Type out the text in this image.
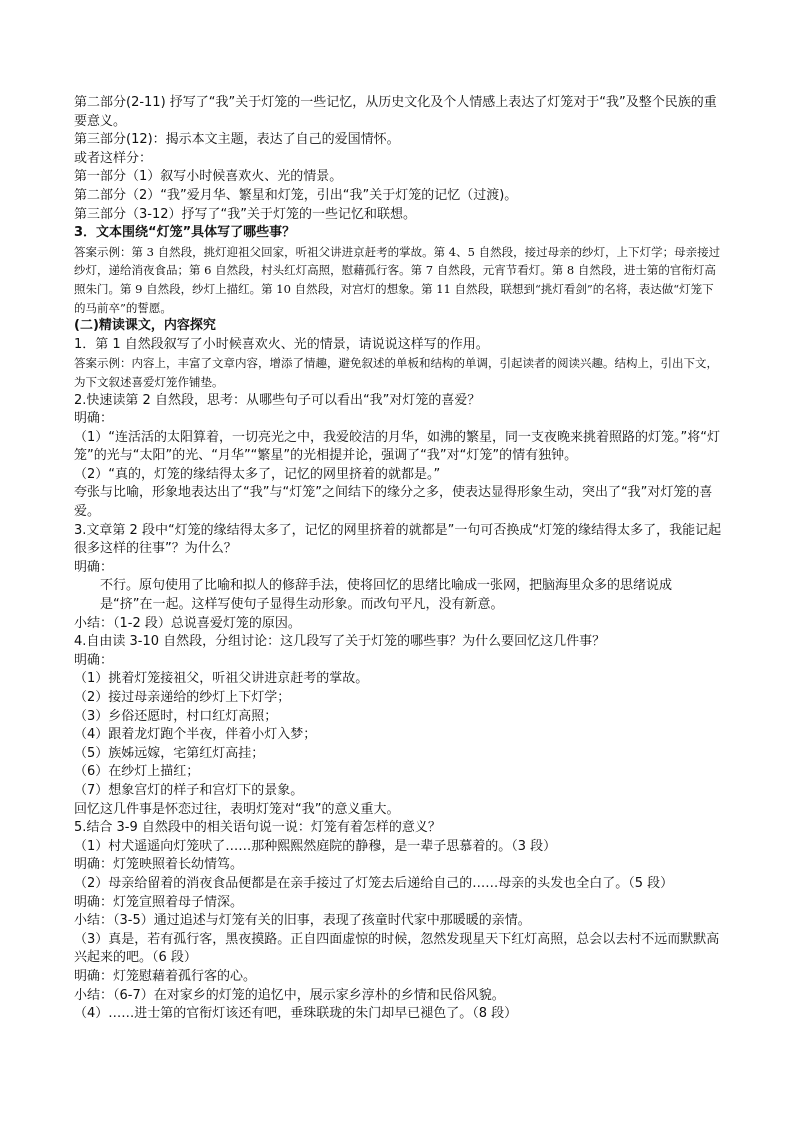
第二部分(2-11) 抒写了“我”关于灯笼的一些记忆，从历史文化及个人情感上表达了灯笼对于“我”及整个民族的重要意义。
第三部分(12)：揭示本文主题，表达了自己的爱国情怀。
或者这样分：
第一部分（1）叙写小时候喜欢火、光的情景。
第二部分（2）“我”爱月华、繁星和灯笼，引出“我”关于灯笼的记忆（过渡)。
第三部分（3-12）抒写了“我”关于灯笼的一些记忆和联想。
3．文本围绕“灯笼”具体写了哪些事？
答案示例：第 3 自然段，挑灯迎祖父回家，听祖父讲进京赶考的掌故。第 4、5 自然段，接过母亲的纱灯，上下灯学；母亲接过纱灯，递给消夜食品；第 6 自然段，村头红灯高照，慰藉孤行客。第 7 自然段，元宵节看灯。第 8 自然段，进士第的官衔灯高照朱门。第 9 自然段，纱灯上描红。第 10 自然段，对宫灯的想象。第 11 自然段，联想到“挑灯看剑”的名将，表达做“灯笼下的马前卒”的誓愿。
(二)精读课文，内容探究
1．第 1 自然段叙写了小时候喜欢火、光的情景，请说说这样写的作用。
答案示例：内容上，丰富了文章内容，增添了情趣，避免叙述的单板和结构的单调，引起读者的阅读兴趣。结构上，引出下文，为下文叙述喜爱灯笼作铺垫。
2.快速读第 2 自然段，思考：从哪些句子可以看出“我”对灯笼的喜爱？
明确：
（1）“连活活的太阳算着，一切亮光之中，我爱皎洁的月华，如沸的繁星，同一支夜晚来挑着照路的灯笼。”将“灯笼”的光与“太阳”的光、“月华”“繁星”的光相提并论，强调了“我”对“灯笼”的情有独钟。
（2）“真的，灯笼的缘结得太多了，记忆的网里挤着的就都是。”
夸张与比喻，形象地表达出了“我”与“灯笼”之间结下的缘分之多，使表达显得形象生动，突出了“我”对灯笼的喜爱。
3.文章第 2 段中“灯笼的缘结得太多了，记忆的网里挤着的就都是”一句可否换成“灯笼的缘结得太多了，我能记起很多这样的往事”？为什么？
明确：
不行。原句使用了比喻和拟人的修辞手法，使将回忆的思绪比喻成一张网，把脑海里众多的思绪说成是“挤”在一起。这样写使句子显得生动形象。而改句平凡，没有新意。
小结：（1-2 段）总说喜爱灯笼的原因。
4.自由读 3-10 自然段，分组讨论：这几段写了关于灯笼的哪些事？为什么要回忆这几件事？
明确：
（1）挑着灯笼接祖父，听祖父讲进京赶考的掌故。
（2）接过母亲递给的纱灯上下灯学；
（3）乡俗还愿时，村口红灯高照；
（4）跟着龙灯跑个半夜，伴着小灯入梦；
（5）族姊远嫁，宅第红灯高挂；
（6）在纱灯上描红；
（7）想象宫灯的样子和宫灯下的景象。
回忆这几件事是怀恋过往，表明灯笼对“我”的意义重大。
5.结合 3-9 自然段中的相关语句说一说：灯笼有着怎样的意义？
（1）村犬遥遥向灯笼吠了……那种熙熙然庭院的静穆，是一辈子思慕着的。（3 段）
明确：灯笼映照着长幼情笃。
（2）母亲给留着的消夜食品便都是在亲手接过了灯笼去后递给自己的……母亲的头发也全白了。（5 段）
明确：灯笼宣照着母子情深。
小结：（3-5）通过追述与灯笼有关的旧事，表现了孩童时代家中那暖暖的亲情。
（3）真是，若有孤行客，黑夜摸路。正自四面虚惊的时候，忽然发现星天下红灯高照，总会以去村不远而默默高兴起来的吧。（6 段）
明确：灯笼慰藉着孤行客的心。
小结：（6-7）在对家乡的灯笼的追忆中，展示家乡淳朴的乡情和民俗风貌。
（4）……进士第的官衔灯该还有吧，垂珠联珑的朱门却早已褪色了。（8 段）
